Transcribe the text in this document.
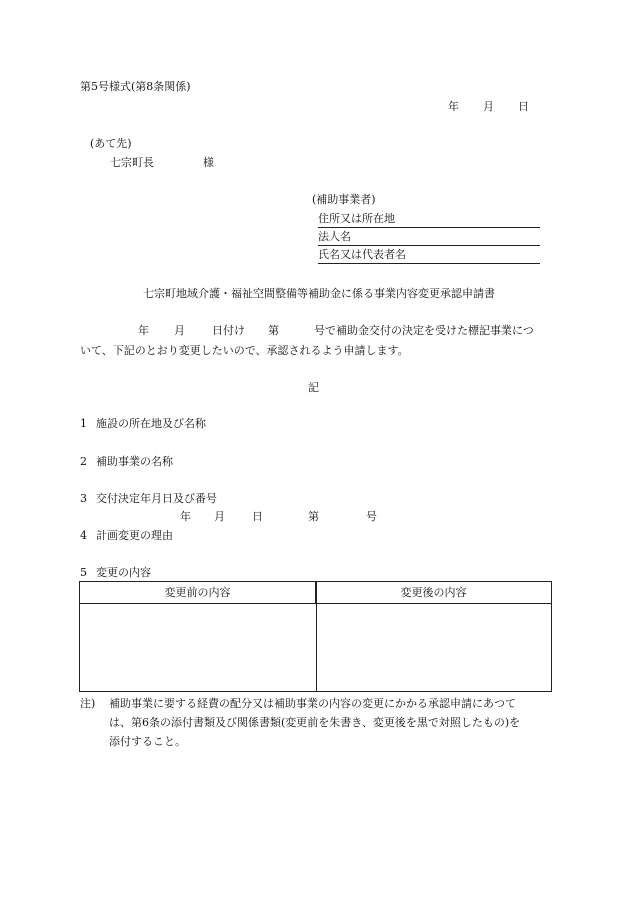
第5号様式(第8条関係)
年 月 日
(あて先)
七宗町長	様
(補助事業者)
住所又は所在地
法人名
氏名又は代表者名
七宗町地域介護・福祉空間整備等補助金に係る事業内容変更承認申請書
年 月 日付け 第	号で補助金交付の決定を受けた標記事業につ
いて、下記のとおり変更したいので、承認されるよう申請します。
記
1 施設の所在地及び名称
2 補助事業の名称
3 交付決定年月日及び番号
年 月 日	第	号
4 計画変更の理由
5 変更の内容
変更前の内容	変更後の内容
注) 補助事業に要する経費の配分又は補助事業の内容の変更にかかる承認申請にあつて
は、第6条の添付書類及び関係書類(変更前を朱書き、変更後を黒で対照したもの)を
添付すること。
